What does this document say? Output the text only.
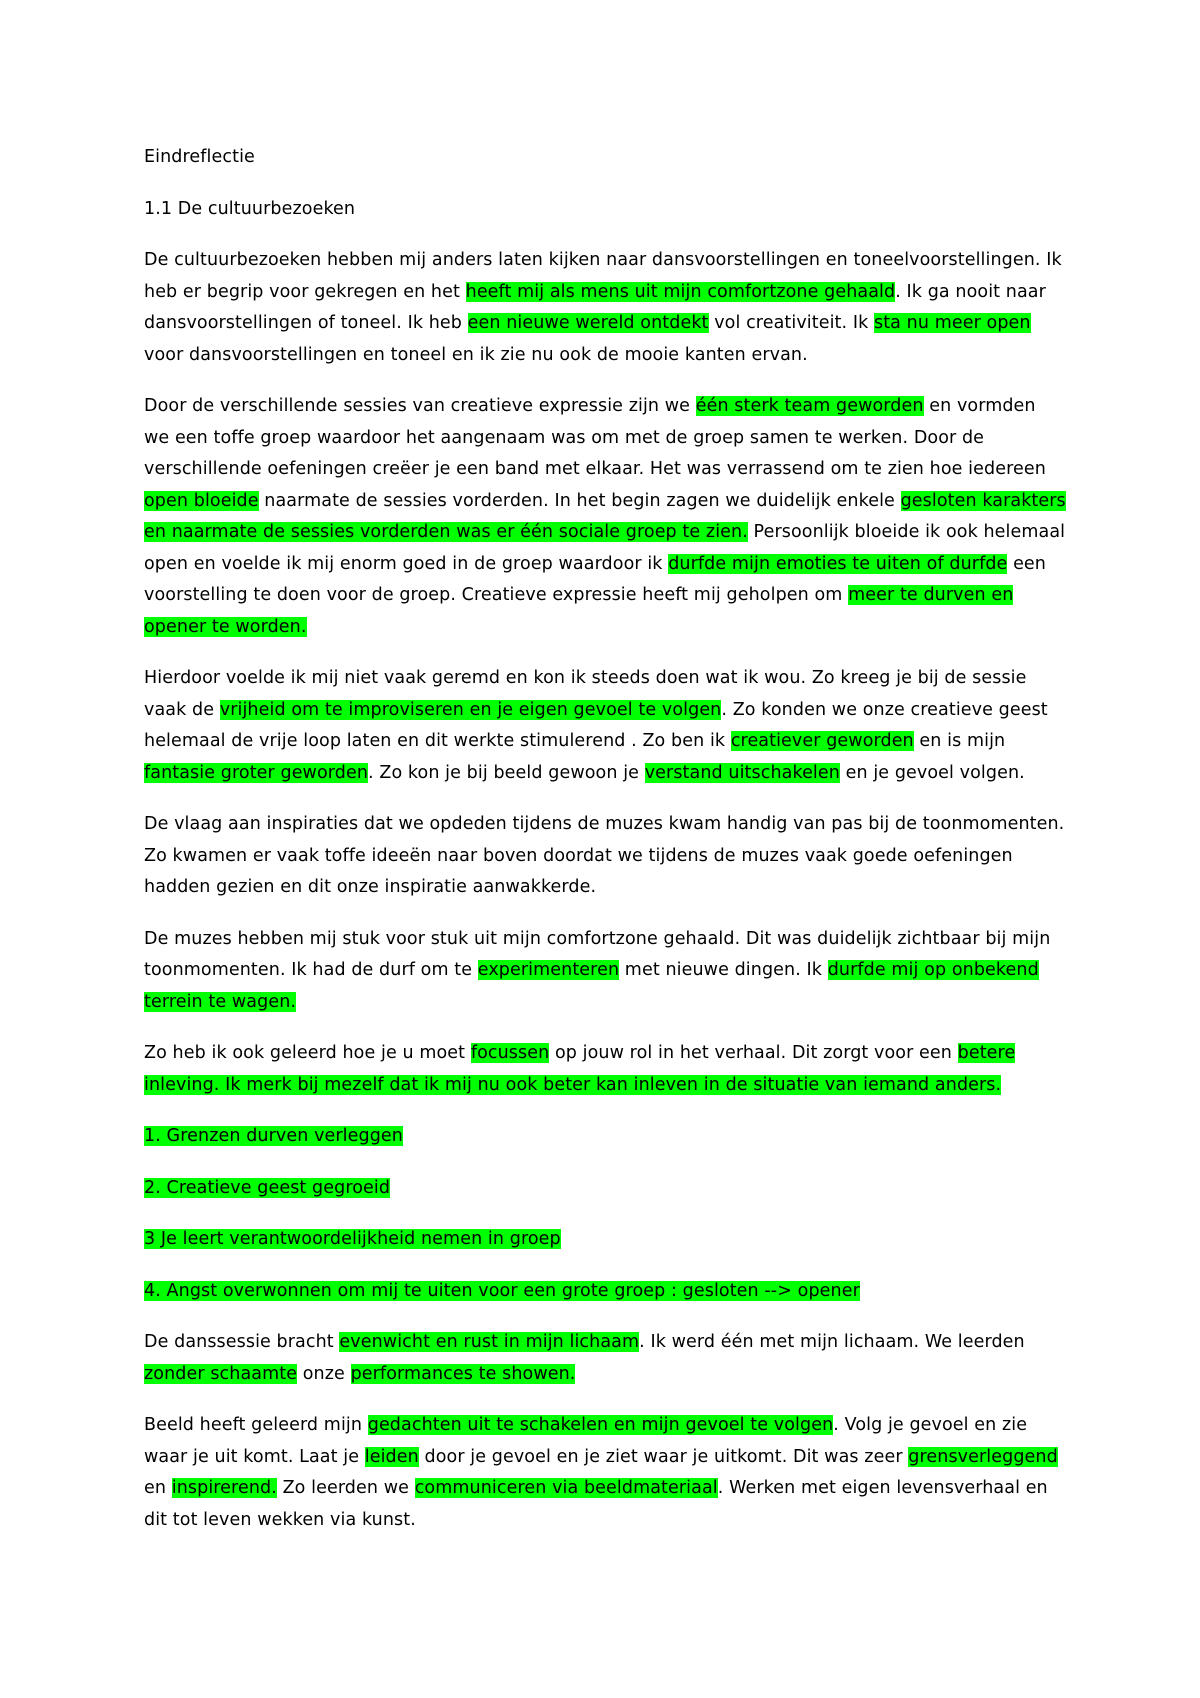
Eindreflectie

1.1 De cultuurbezoeken

De cultuurbezoeken hebben mij anders laten kijken naar dansvoorstellingen en toneelvoorstellingen. Ik heb er begrip voor gekregen en het heeft mij als mens uit mijn comfortzone gehaald. Ik ga nooit naar dansvoorstellingen of toneel. Ik heb een nieuwe wereld ontdekt vol creativiteit. Ik sta nu meer open voor dansvoorstellingen en toneel en ik zie nu ook de mooie kanten ervan.

Door de verschillende sessies van creatieve expressie zijn we één sterk team geworden en vormden we een toffe groep waardoor het aangenaam was om met de groep samen te werken. Door de verschillende oefeningen creëer je een band met elkaar. Het was verrassend om te zien hoe iedereen open bloeide naarmate de sessies vorderden. In het begin zagen we duidelijk enkele gesloten karakters en naarmate de sessies vorderden was er één sociale groep te zien. Persoonlijk bloeide ik ook helemaal open en voelde ik mij enorm goed in de groep waardoor ik durfde mijn emoties te uiten of durfde een voorstelling te doen voor de groep. Creatieve expressie heeft mij geholpen om meer te durven en opener te worden.

Hierdoor voelde ik mij niet vaak geremd en kon ik steeds doen wat ik wou. Zo kreeg je bij de sessie vaak de vrijheid om te improviseren en je eigen gevoel te volgen. Zo konden we onze creatieve geest helemaal de vrije loop laten en dit werkte stimulerend . Zo ben ik creatiever geworden en is mijn fantasie groter geworden. Zo kon je bij beeld gewoon je verstand uitschakelen en je gevoel volgen.

De vlaag aan inspiraties dat we opdeden tijdens de muzes kwam handig van pas bij de toonmomenten. Zo kwamen er vaak toffe ideeën naar boven doordat we tijdens de muzes vaak goede oefeningen hadden gezien en dit onze inspiratie aanwakkerde.

De muzes hebben mij stuk voor stuk uit mijn comfortzone gehaald. Dit was duidelijk zichtbaar bij mijn toonmomenten. Ik had de durf om te experimenteren met nieuwe dingen. Ik durfde mij op onbekend terrein te wagen.

Zo heb ik ook geleerd hoe je u moet focussen op jouw rol in het verhaal. Dit zorgt voor een betere inleving. Ik merk bij mezelf dat ik mij nu ook beter kan inleven in de situatie van iemand anders.

1. Grenzen durven verleggen

2. Creatieve geest gegroeid

3 Je leert verantwoordelijkheid nemen in groep

4. Angst overwonnen om mij te uiten voor een grote groep : gesloten --> opener

De danssessie bracht evenwicht en rust in mijn lichaam. Ik werd één met mijn lichaam. We leerden zonder schaamte onze performances te showen.

Beeld heeft geleerd mijn gedachten uit te schakelen en mijn gevoel te volgen. Volg je gevoel en zie waar je uit komt. Laat je leiden door je gevoel en je ziet waar je uitkomt. Dit was zeer grensverleggend en inspirerend. Zo leerden we communiceren via beeldmateriaal. Werken met eigen levensverhaal en dit tot leven wekken via kunst.
